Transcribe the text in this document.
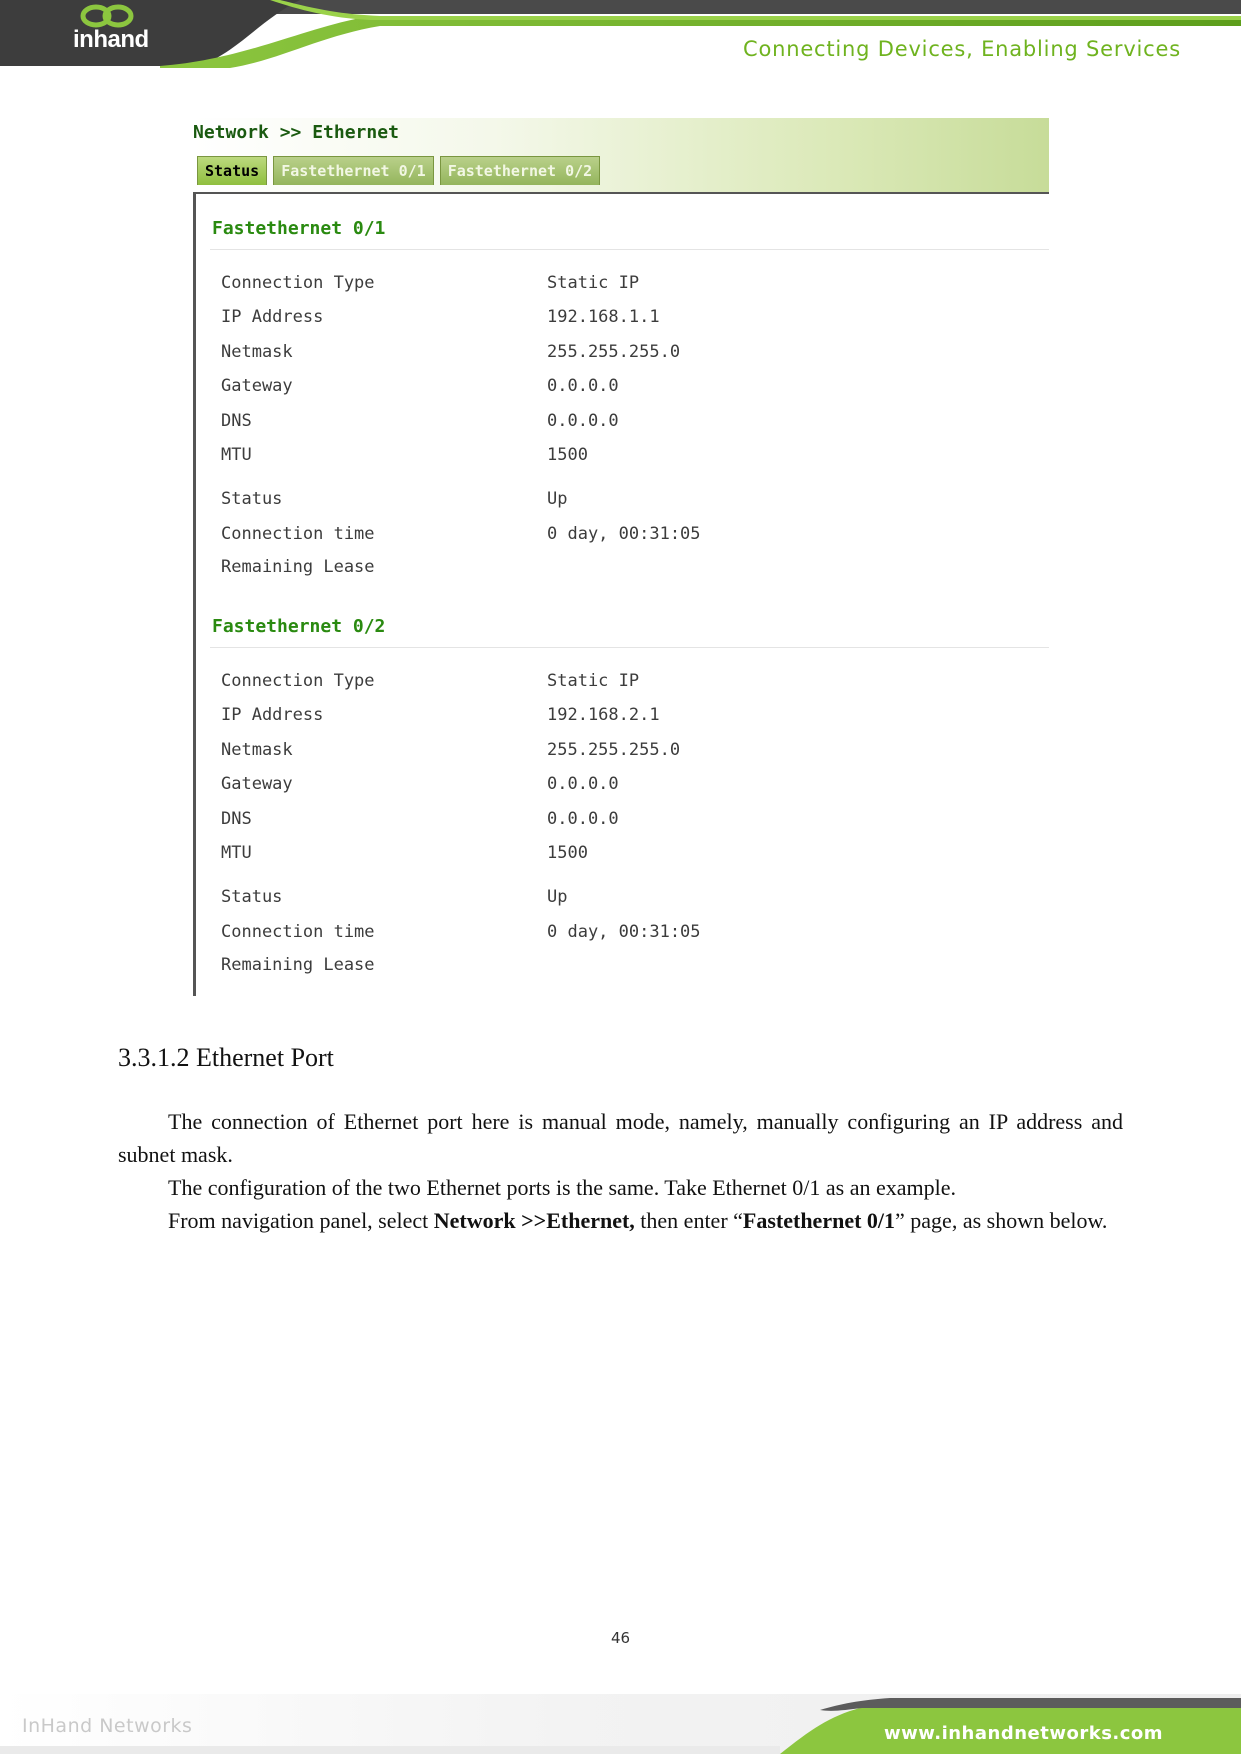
inhand	Connecting Devices, Enabling Services
Network >> Ethernet
Status	Fastethernet 0/1	Fastethernet 0/2
Fastethernet 0/1
Connection Type	Static IP
IP Address	192.168.1.1
Netmask	255.255.255.0
Gateway	0.0.0.0
DNS	0.0.0.0
MTU	1500
Status	Up
Connection time	0 day, 00:31:05
Remaining Lease
Fastethernet 0/2
Connection Type	Static IP
IP Address	192.168.2.1
Netmask	255.255.255.0
Gateway	0.0.0.0
DNS	0.0.0.0
MTU	1500
Status	Up
Connection time	0 day, 00:31:05
Remaining Lease
3.3.1.2 Ethernet Port

The connection of Ethernet port here is manual mode, namely, manually configuring an IP address and subnet mask.

The configuration of the two Ethernet ports is the same. Take Ethernet 0/1 as an example.

From navigation panel, select Network >>Ethernet, then enter “Fastethernet 0/1” page, as shown below.

46
InHand Networks	www.inhandnetworks.com
